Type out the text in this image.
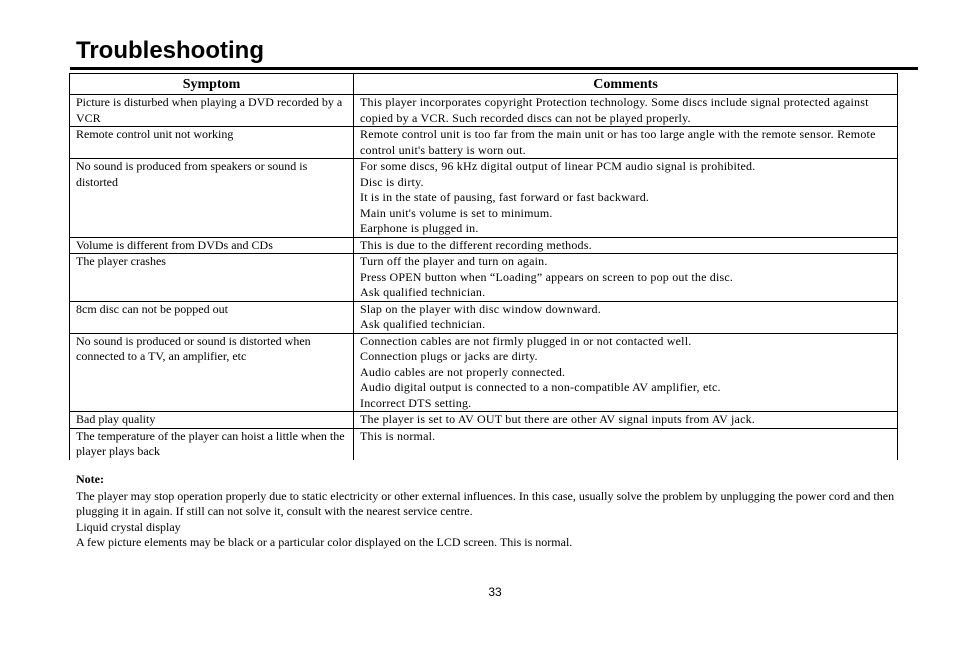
Troubleshooting
Symptom	Comments
Picture is disturbed when playing a DVD recorded by a VCR	This player incorporates copyright Protection technology. Some discs include signal protected against copied by a VCR. Such recorded discs can not be played properly.
Remote control unit not working	Remote control unit is too far from the main unit or has too large angle with the remote sensor. Remote control unit's battery is worn out.
No sound is produced from speakers or sound is distorted	For some discs, 96 kHz digital output of linear PCM audio signal is prohibited.
Disc is dirty.
It is in the state of pausing, fast forward or fast backward.
Main unit's volume is set to minimum.
Earphone is plugged in.

Volume is different from DVDs and CDs	This is due to the different recording methods.

The player crashes	Turn off the player and turn on again.
Press OPEN button when “Loading” appears on screen to pop out the disc.
Ask qualified technician.

8cm disc can not be popped out	Slap on the player with disc window downward.
Ask qualified technician.

No sound is produced or sound is distorted when connected to a TV, an amplifier, etc	Connection cables are not firmly plugged in or not contacted well.
Connection plugs or jacks are dirty.
Audio cables are not properly connected.
Audio digital output is connected to a non-compatible AV amplifier, etc.
Incorrect DTS setting.

Bad play quality	The player is set to AV OUT but there are other AV signal inputs from AV jack.

The temperature of the player can hoist a little when the player plays back	This is normal.
Note:
The player may stop operation properly due to static electricity or other external influences. In this case, usually solve the problem by unplugging the power cord and then plugging it in again. If still can not solve it, consult with the nearest service centre.
Liquid crystal display
A few picture elements may be black or a particular color displayed on the LCD screen. This is normal.
33
